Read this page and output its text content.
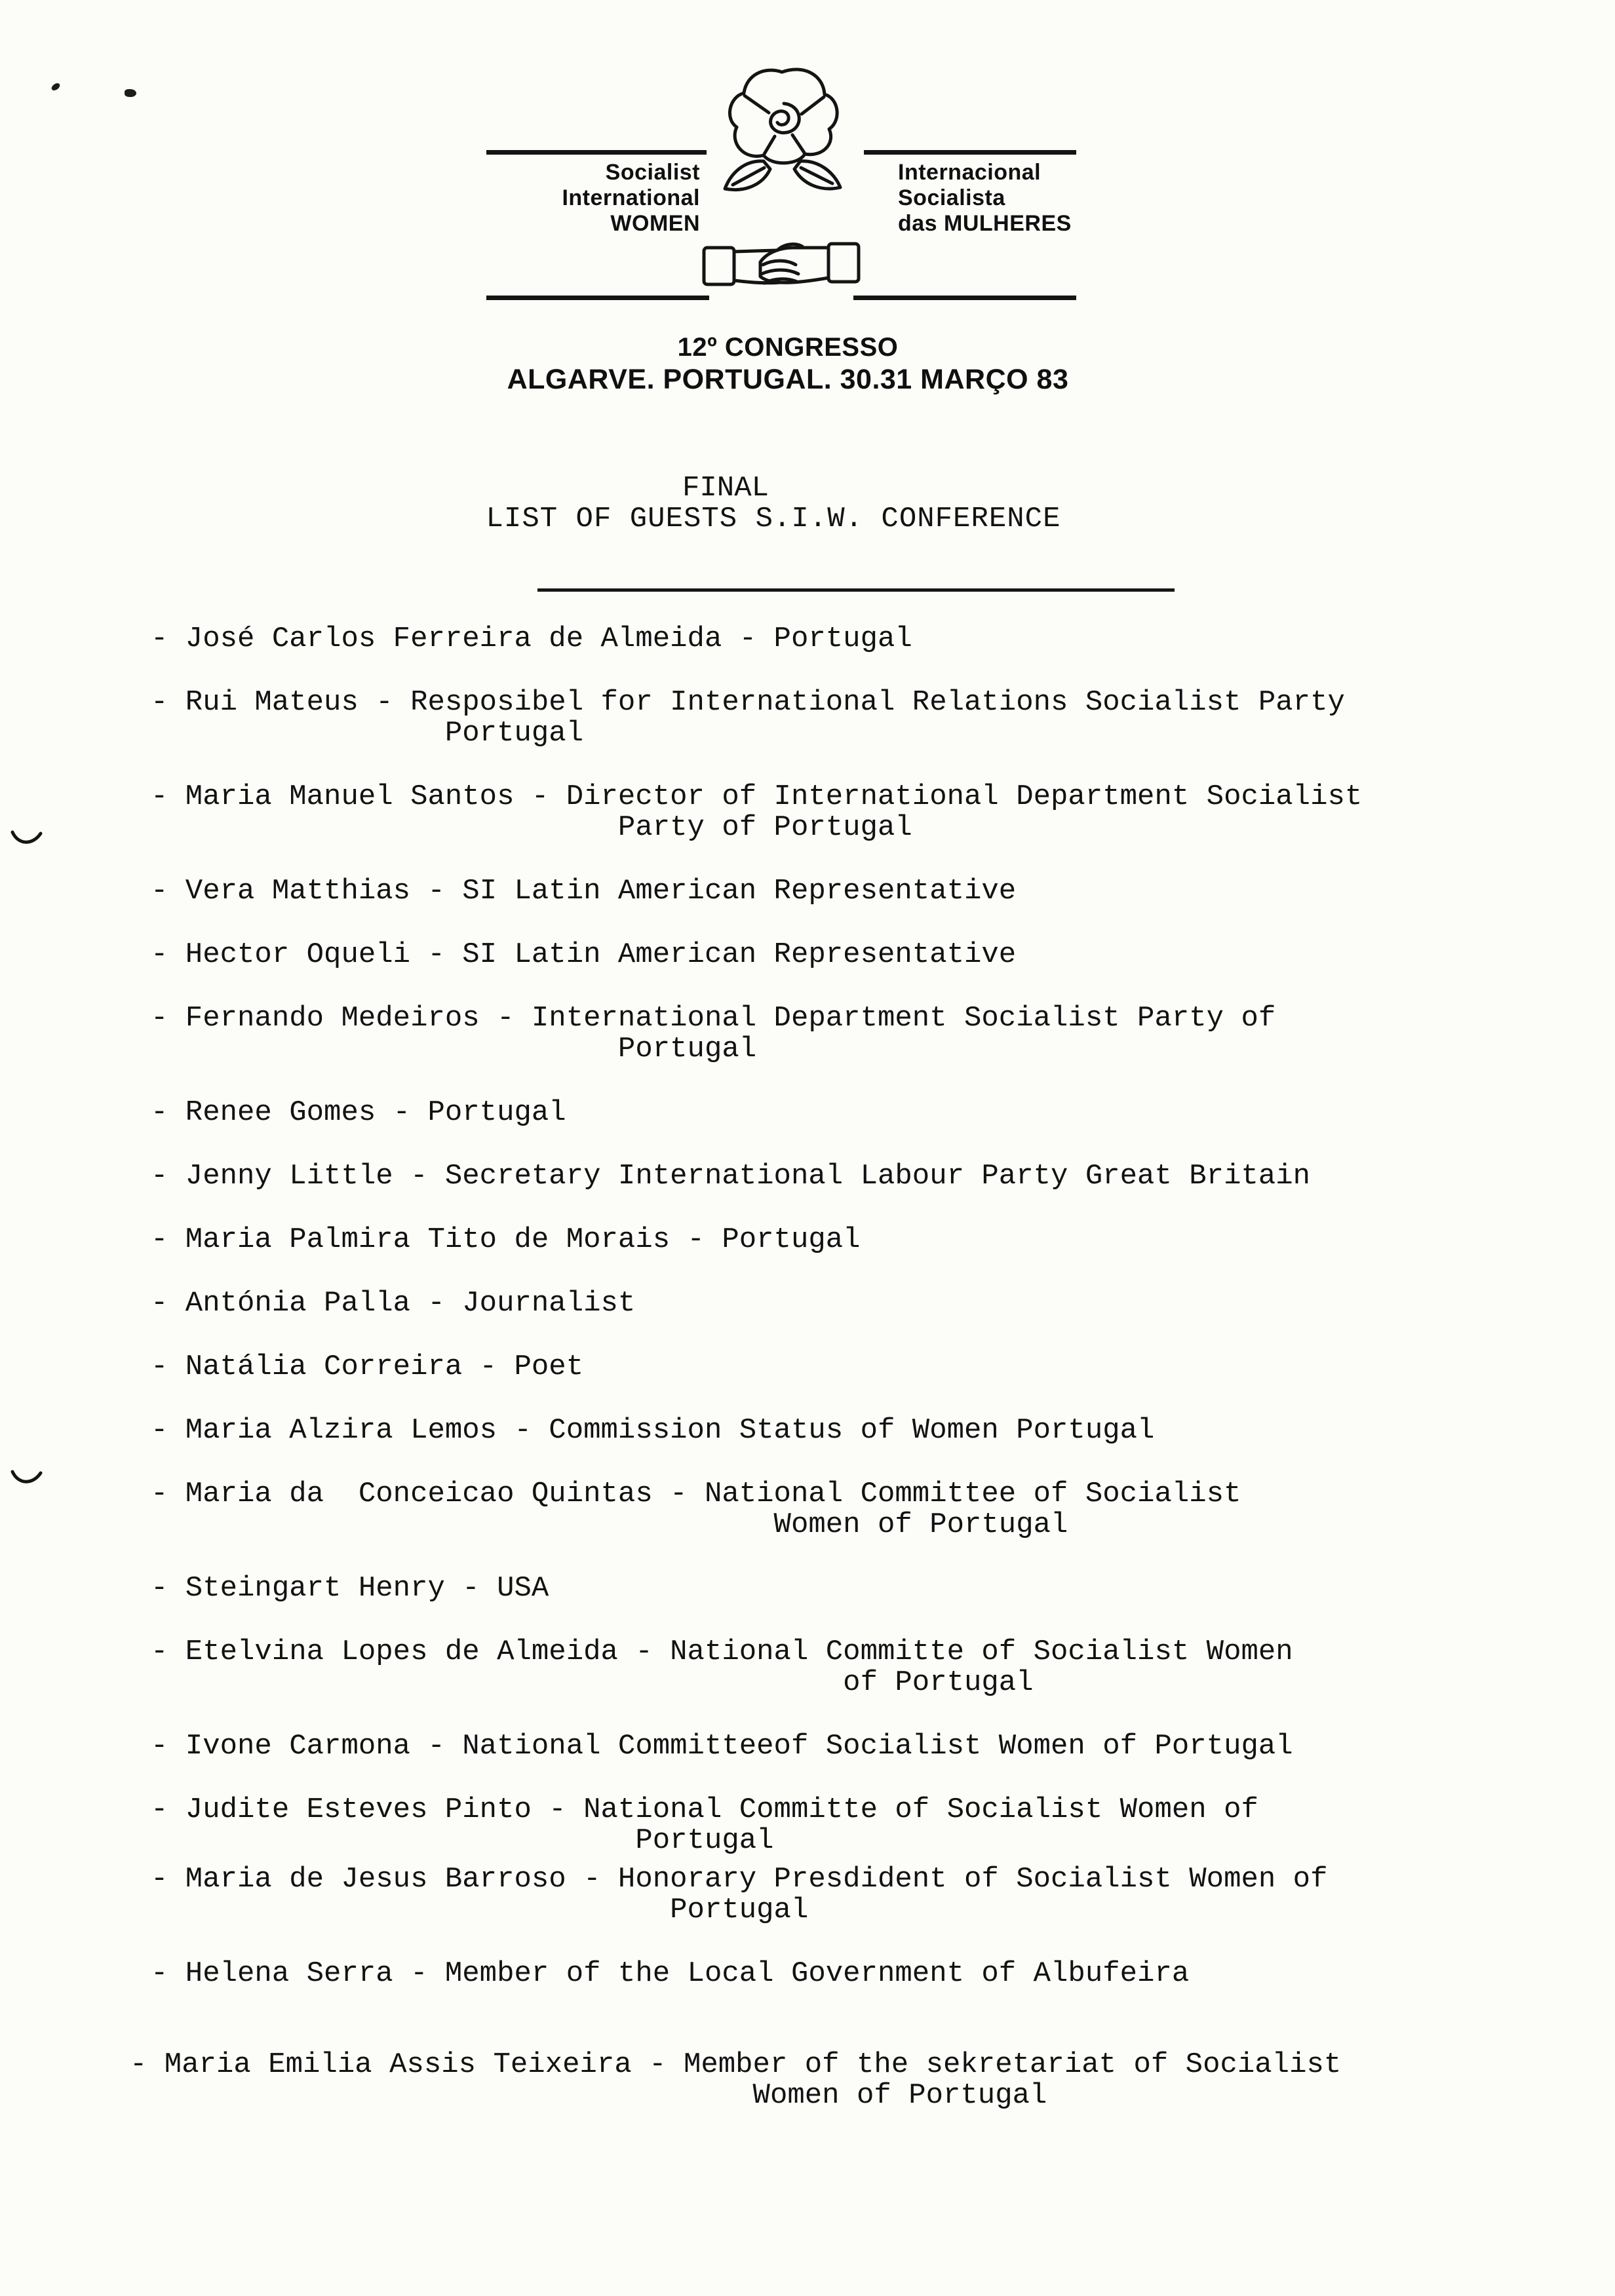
Socialist
International
WOMEN
Internacional
Socialista
das MULHERES
12º CONGRESSO
ALGARVE. PORTUGAL. 30.31 MARÇO 83
FINAL
LIST OF GUESTS S.I.W. CONFERENCE
- José Carlos Ferreira de Almeida - Portugal
- Rui Mateus - Resposibel for International Relations Socialist Party
Portugal
- Maria Manuel Santos - Director of International Department Socialist
Party of Portugal
- Vera Matthias - SI Latin American Representative
- Hector Oqueli - SI Latin American Representative
- Fernando Medeiros - International Department Socialist Party of
Portugal
- Renee Gomes - Portugal
- Jenny Little - Secretary International Labour Party Great Britain
- Maria Palmira Tito de Morais - Portugal
- Antónia Palla - Journalist
- Natália Correira - Poet
- Maria Alzira Lemos - Commission Status of Women Portugal
- Maria da  Conceicao Quintas - National Committee of Socialist
Women of Portugal
- Steingart Henry - USA
- Etelvina Lopes de Almeida - National Committe of Socialist Women
of Portugal
- Ivone Carmona - National Committeeof Socialist Women of Portugal
- Judite Esteves Pinto - National Committe of Socialist Women of
Portugal
- Maria de Jesus Barroso - Honorary Presdident of Socialist Women of
Portugal
- Helena Serra - Member of the Local Government of Albufeira
- Maria Emilia Assis Teixeira - Member of the sekretariat of Socialist
Women of Portugal
